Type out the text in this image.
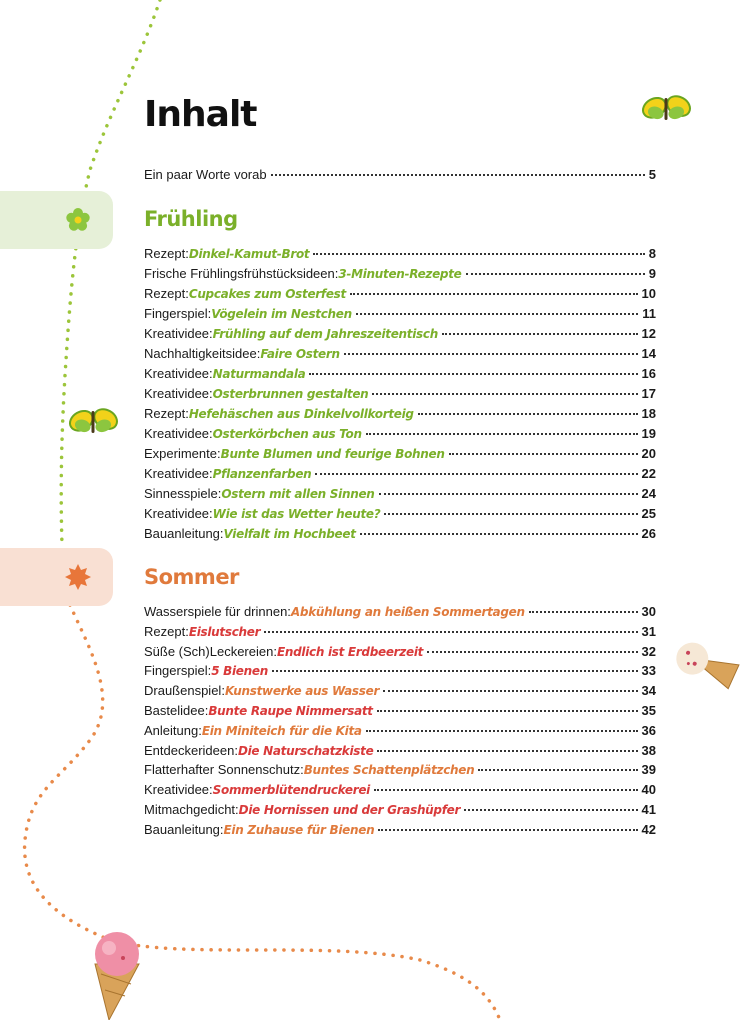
Inhalt
Ein paar Worte vorab	5
Frühling
Rezept: Dinkel-Kamut-Brot	8
Frische Frühlingsfrühstücksideen: 3-Minuten-Rezepte	9
Rezept: Cupcakes zum Osterfest	10
Fingerspiel: Vögelein im Nestchen	11
Kreatividee: Frühling auf dem Jahreszeitentisch	12
Nachhaltigkeitsidee: Faire Ostern	14
Kreatividee: Naturmandala	16
Kreatividee: Osterbrunnen gestalten	17
Rezept: Hefehäschen aus Dinkelvollkorteig	18
Kreatividee: Osterkörbchen aus Ton	19
Experimente: Bunte Blumen und feurige Bohnen	20
Kreatividee: Pflanzenfarben	22
Sinnesspiele: Ostern mit allen Sinnen	24
Kreatividee: Wie ist das Wetter heute?	25
Bauanleitung: Vielfalt im Hochbeet	26
Sommer
Wasserspiele für drinnen: Abkühlung an heißen Sommertagen	30
Rezept: Eislutscher	31
Süße (Sch)Leckereien: Endlich ist Erdbeerzeit	32
Fingerspiel: 5 Bienen	33
Draußenspiel: Kunstwerke aus Wasser	34
Bastelidee: Bunte Raupe Nimmersatt	35
Anleitung: Ein Miniteich für die Kita	36
Entdeckerideen: Die Naturschatzkiste	38
Flatterhafter Sonnenschutz: Buntes Schattenplätzchen	39
Kreatividee: Sommerblütendruckerei	40
Mitmachgedicht: Die Hornissen und der Grashüpfer	41
Bauanleitung: Ein Zuhause für Bienen	42
